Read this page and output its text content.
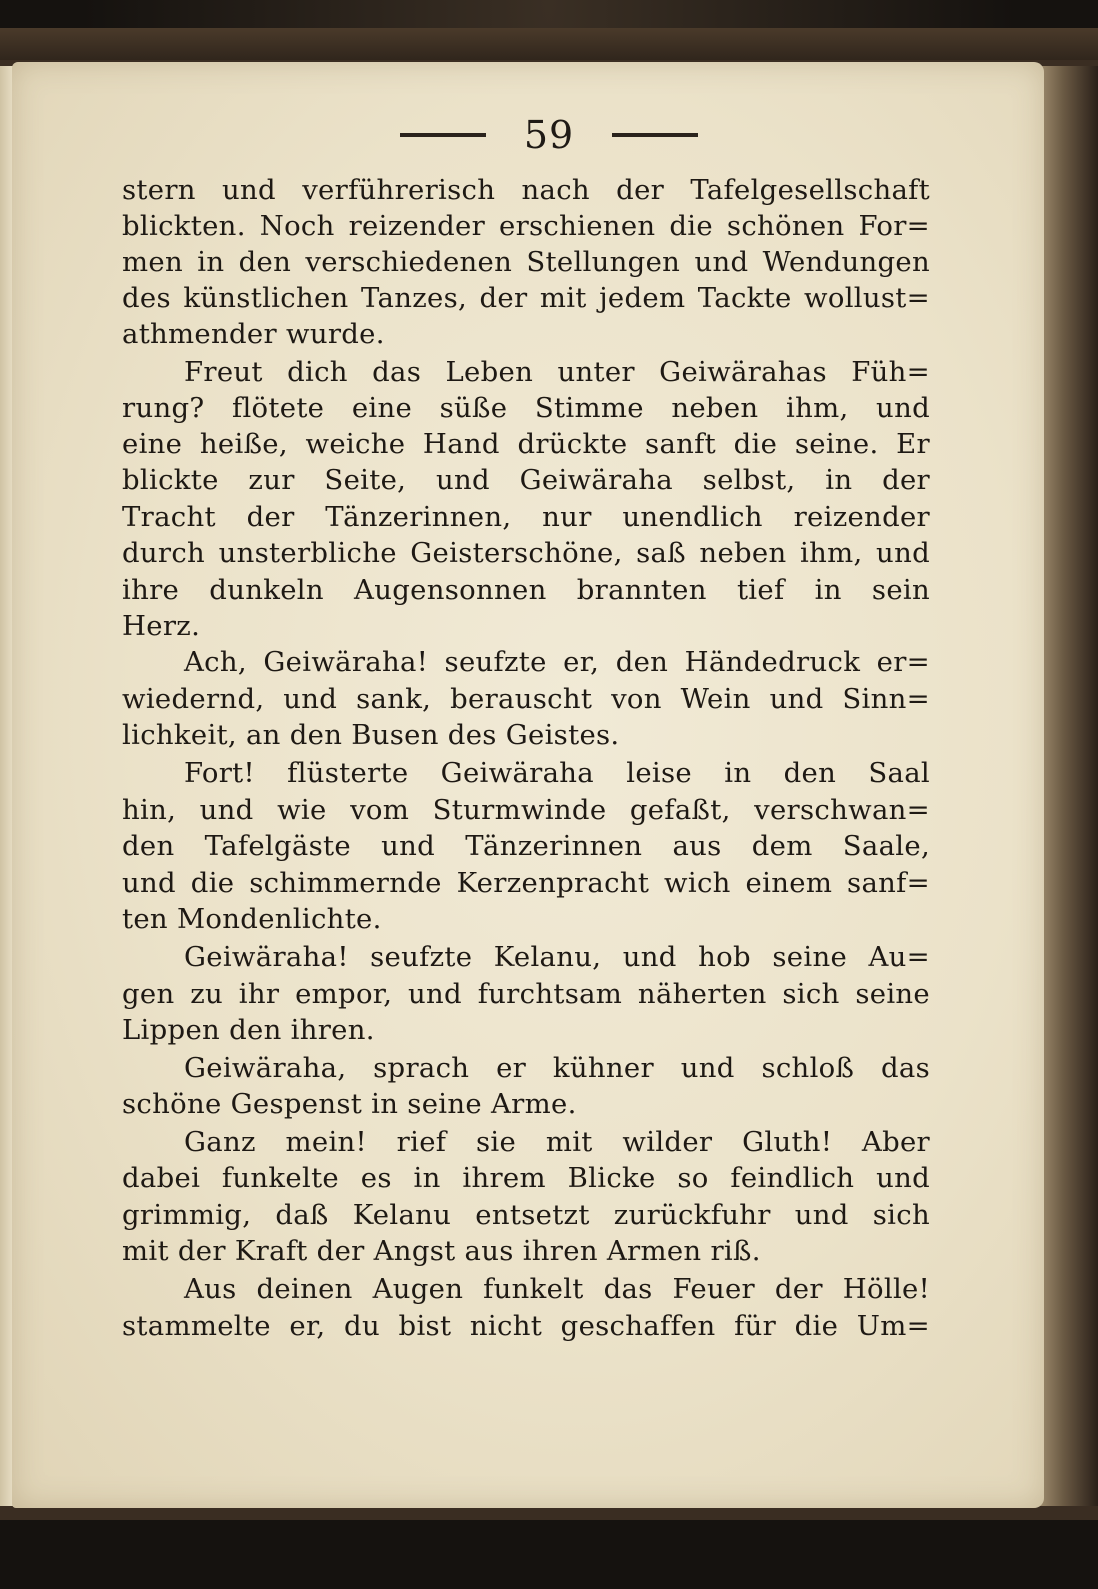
59
stern und verführerisch nach der Tafelgesellschaft
blickten. Noch reizender erschienen die schönen For=
men in den verschiedenen Stellungen und Wendungen
des künstlichen Tanzes, der mit jedem Tackte wollust=
athmender wurde.
Freut dich das Leben unter Geiwärahas Füh=
rung? flötete eine süße Stimme neben ihm, und
eine heiße, weiche Hand drückte sanft die seine. Er
blickte zur Seite, und Geiwäraha selbst, in der
Tracht der Tänzerinnen, nur unendlich reizender
durch unsterbliche Geisterschöne, saß neben ihm, und
ihre dunkeln Augensonnen brannten tief in sein
Herz.
Ach, Geiwäraha! seufzte er, den Händedruck er=
wiedernd, und sank, berauscht von Wein und Sinn=
lichkeit, an den Busen des Geistes.
Fort! flüsterte Geiwäraha leise in den Saal
hin, und wie vom Sturmwinde gefaßt, verschwan=
den Tafelgäste und Tänzerinnen aus dem Saale,
und die schimmernde Kerzenpracht wich einem sanf=
ten Mondenlichte.
Geiwäraha! seufzte Kelanu, und hob seine Au=
gen zu ihr empor, und furchtsam näherten sich seine
Lippen den ihren.
Geiwäraha, sprach er kühner und schloß das
schöne Gespenst in seine Arme.
Ganz mein! rief sie mit wilder Gluth! Aber
dabei funkelte es in ihrem Blicke so feindlich und
grimmig, daß Kelanu entsetzt zurückfuhr und sich
mit der Kraft der Angst aus ihren Armen riß.
Aus deinen Augen funkelt das Feuer der Hölle!
stammelte er, du bist nicht geschaffen für die Um=
